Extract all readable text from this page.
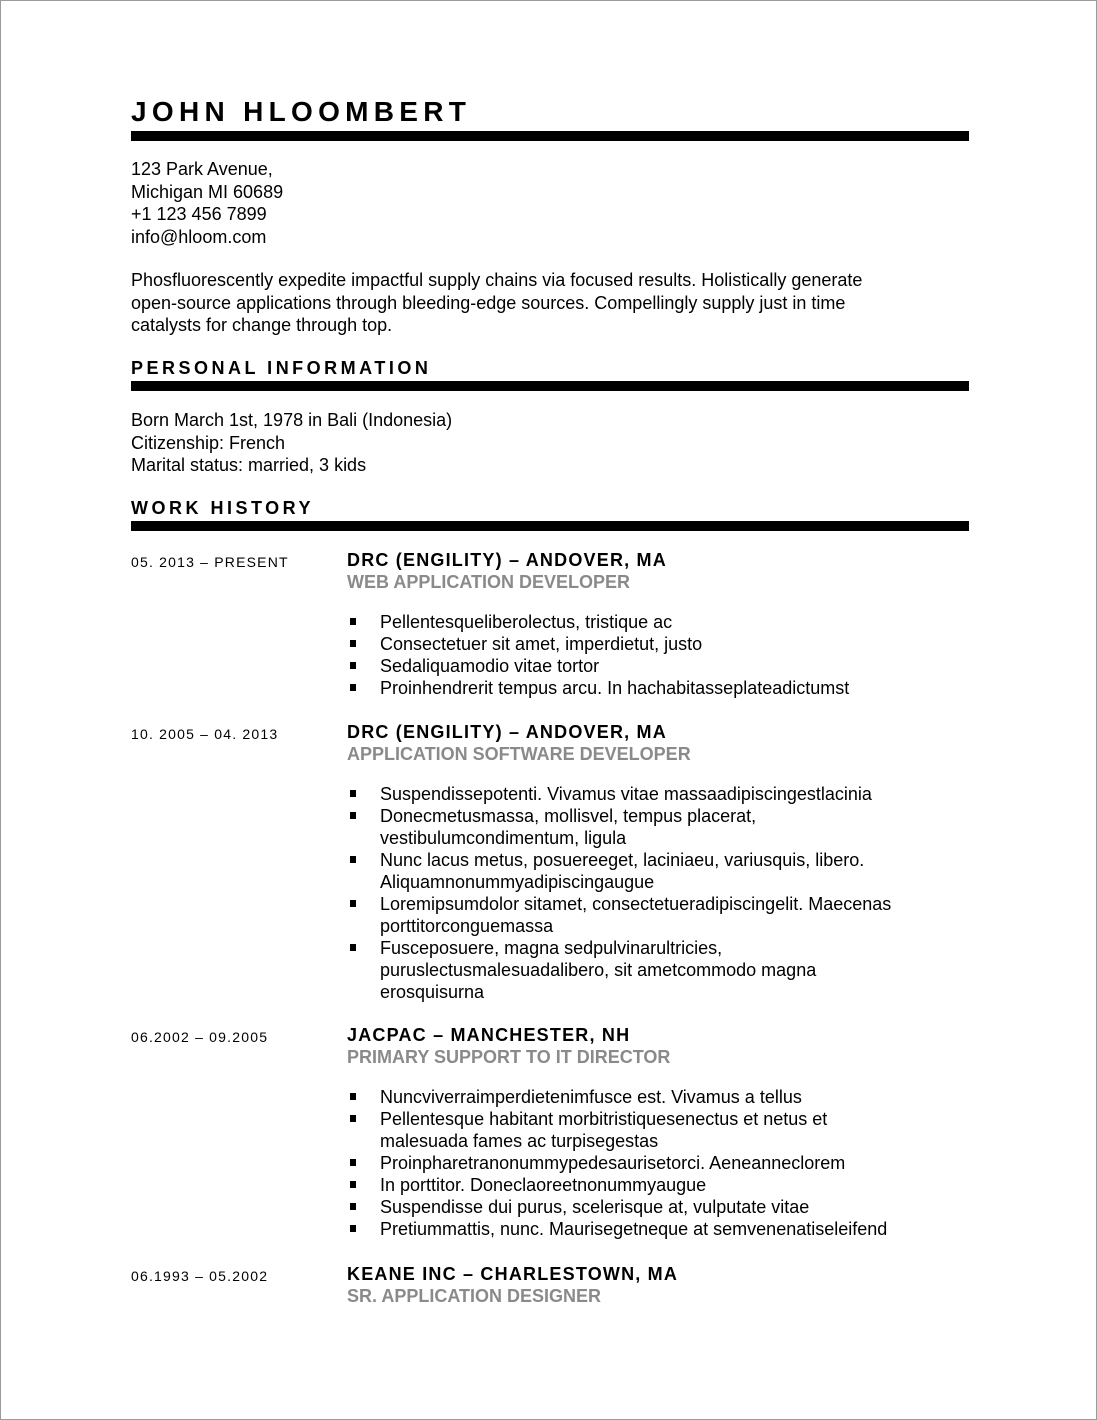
JOHN HLOOMBERT
123 Park Avenue,
Michigan MI 60689
+1 123 456 7899
info@hloom.com
Phosfluorescently expedite impactful supply chains via focused results. Holistically generate
open-source applications through bleeding-edge sources. Compellingly supply just in time
catalysts for change through top.
PERSONAL INFORMATION
Born March 1st, 1978 in Bali (Indonesia)
Citizenship: French
Marital status: married, 3 kids
WORK HISTORY
05. 2013 – PRESENT	DRC (ENGILITY) – ANDOVER, MA
WEB APPLICATION DEVELOPER
Pellentesqueliberolectus, tristique ac
Consectetuer sit amet, imperdietut, justo
Sedaliquamodio vitae tortor
Proinhendrerit tempus arcu. In hachabitasseplateadictumst
10. 2005 – 04. 2013	DRC (ENGILITY) – ANDOVER, MA
APPLICATION SOFTWARE DEVELOPER
Suspendissepotenti. Vivamus vitae massaadipiscingestlacinia
Donecmetusmassa, mollisvel, tempus placerat,
vestibulumcondimentum, ligula
Nunc lacus metus, posuereeget, laciniaeu, variusquis, libero.
Aliquamnonummyadipiscingaugue
Loremipsumdolor sitamet, consectetueradipiscingelit. Maecenas
porttitorconguemassa
Fusceposuere, magna sedpulvinarultricies,
puruslectusmalesuadalibero, sit ametcommodo magna
erosquisurna
06.2002 – 09.2005	JACPAC – MANCHESTER, NH
PRIMARY SUPPORT TO IT DIRECTOR
Nuncviverraimperdietenimfusce est. Vivamus a tellus
Pellentesque habitant morbitristiquesenectus et netus et
malesuada fames ac turpisegestas
Proinpharetranonummypedesaurisetorci. Aeneanneclorem
In porttitor. Doneclaoreetnonummyaugue
Suspendisse dui purus, scelerisque at, vulputate vitae
Pretiummattis, nunc. Maurisegetneque at semvenenatiseleifend
06.1993 – 05.2002	KEANE INC – CHARLESTOWN, MA
SR. APPLICATION DESIGNER
